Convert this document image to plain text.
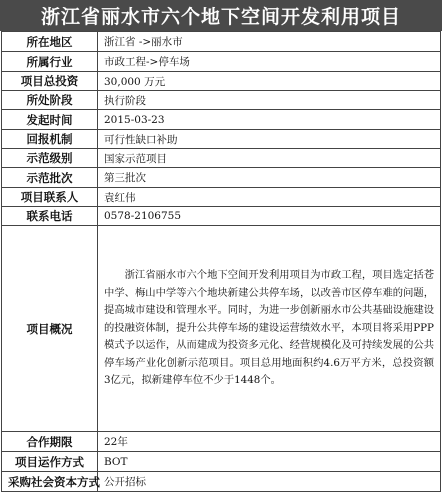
浙江省丽水市六个地下空间开发利用项目
所在地区	浙江省 ->丽水市
所属行业	市政工程->停车场
项目总投资	30,000 万元
所处阶段	执行阶段
发起时间	2015-03-23
回报机制	可行性缺口补助
示范级别	国家示范项目
示范批次	第三批次
项目联系人	袁红伟
联系电话	0578-2106755
项目概况	浙江省丽水市六个地下空间开发利用项目为市政工程，项目选定括苍中学、梅山中学等六个地块新建公共停车场，以改善市区停车难的问题，提高城市建设和管理水平。同时，为进一步创新丽水市公共基础设施建设的投融资体制，提升公共停车场的建设运营绩效水平，本项目将采用PPP模式予以运作，从而建成为投资多元化、经营规模化及可持续发展的公共停车场产业化创新示范项目。项目总用地面积约4.6万平方米，总投资额3亿元，拟新建停车位不少于1448个。

合作期限	22年
项目运作方式	BOT
采购社会资本方式	公开招标
